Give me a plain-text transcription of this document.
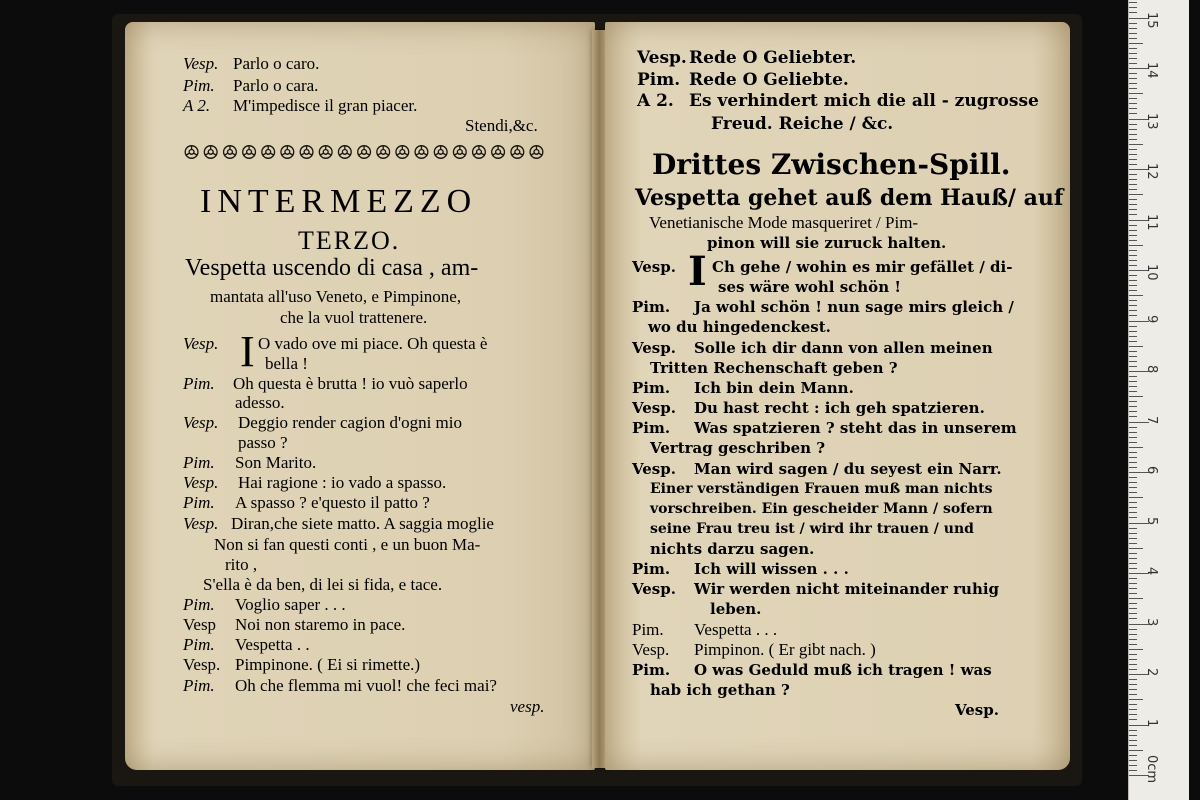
Vesp. Parlo o caro.
Pim. Parlo o cara.
A 2. M'impedisce il gran piacer.
Stendi,&c.
ꔮꔮꔮꔮꔮꔮꔮꔮꔮꔮꔮꔮꔮꔮꔮꔮꔮꔮꔮ
INTERMEZZO
TERZO.
Vespetta uscendo di casa , am-
mantata all'uso Veneto, e Pimpinone,
che la vuol trattenere.
I
Vesp. O vado ove mi piace. Oh questa è
bella !
Pim. Oh questa è brutta ! io vuò saperlo
adesso.
Vesp. Deggio render cagion d'ogni mio
passo ?
Pim. Son Marito.
Vesp. Hai ragione : io vado a spasso.
Pim. A spasso ? e'questo il patto ?
Vesp. Diran,che siete matto. A saggia moglie
Non si fan questi conti , e un buon Ma-
rito ,
S'ella è da ben, di lei si fida, e tace.
Pim. Voglio saper . . .
Vesp Noi non staremo in pace.
Pim. Vespetta . .
Vesp. Pimpinone. ( Ei si rimette.)
Pim. Oh che flemma mi vuol! che feci mai?
vesp.
Vesp. Rede O Geliebter.
Pim. Rede O Geliebte.
A 2. Es verhindert mich die all - zugrosse
Freud. Reiche / &c.
Drittes Zwischen-Spill.
Vespetta gehet auß dem Hauß/ auf
Venetianische Mode masqueriret / Pim-
pinon will sie zuruck halten.
I
Vesp. Ch gehe / wohin es mir gefället / di-
ses wäre wohl schön !
Pim. Ja wohl schön ! nun sage mirs gleich /
wo du hingedenckest.
Vesp. Solle ich dir dann von allen meinen
Tritten Rechenschaft geben ?
Pim. Ich bin dein Mann.
Vesp. Du hast recht : ich geh spatzieren.
Pim. Was spatzieren ? steht das in unserem
Vertrag geschriben ?
Vesp. Man wird sagen / du seyest ein Narr.
Einer verständigen Frauen muß man nichts
vorschreiben. Ein gescheider Mann / sofern
seine Frau treu ist / wird ihr trauen / und
nichts darzu sagen.
Pim. Ich will wissen . . .
Vesp. Wir werden nicht miteinander ruhig
leben.
Pim. Vespetta . . .
Vesp. Pimpinon. ( Er gibt nach. )
Pim. O was Geduld muß ich tragen ! was
hab ich gethan ?
Vesp.
0cm
1
2
3
4
5
6
7
8
9
10
11
12
13
14
15
